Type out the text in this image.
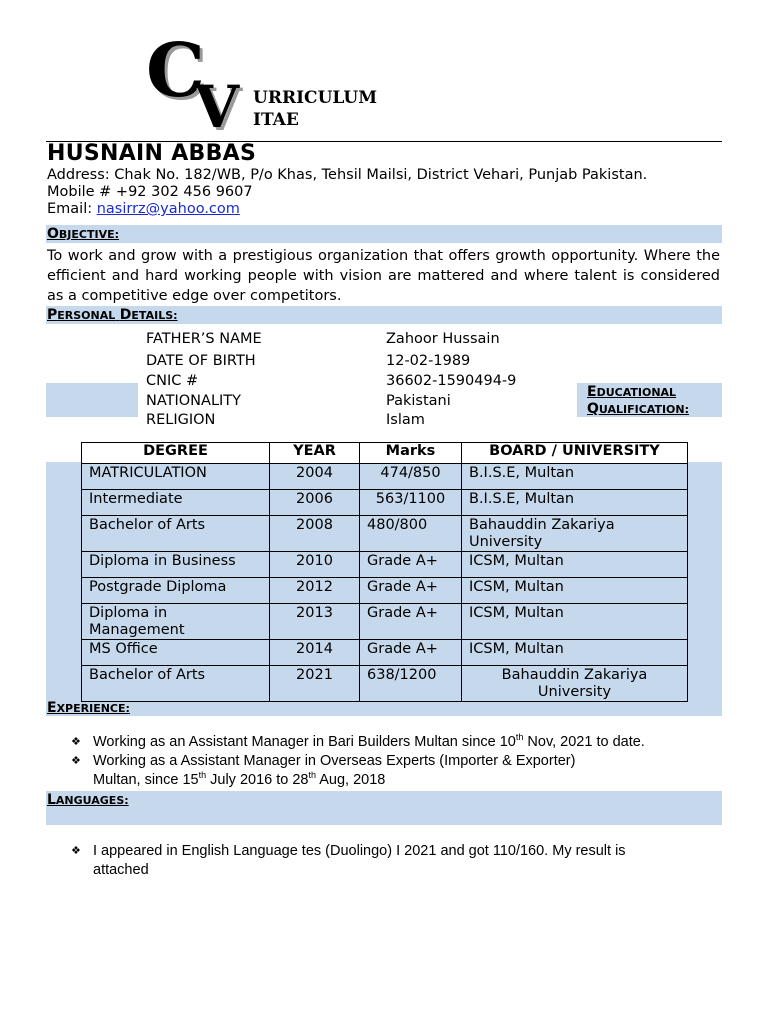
C
V URRICULUM
ITAE
HUSNAIN ABBAS
Address: Chak No. 182/WB, P/o Khas, Tehsil Mailsi, District Vehari, Punjab Pakistan.
Mobile # +92 302 456 9607
Email: nasirrz@yahoo.com
OBJECTIVE:
To work and grow with a prestigious organization that offers growth opportunity. Where the efficient and hard working people with vision are mattered and where talent is considered as a competitive edge over competitors.
PERSONAL DETAILS:
FATHER’S NAME	Zahoor Hussain
DATE OF BIRTH	12-02-1989
CNIC #	36602-1590494-9
NATIONALITY	Pakistani
RELIGION	Islam
EDUCATIONAL
QUALIFICATION:
DEGREE	YEAR	Marks	BOARD / UNIVERSITY
MATRICULATION	2004	474/850	B.I.S.E, Multan
Intermediate	2006	563/1100	B.I.S.E, Multan
Bachelor of Arts	2008	480/800	Bahauddin Zakariya University
Diploma in Business	2010	Grade A+	ICSM, Multan
Postgrade Diploma	2012	Grade A+	ICSM, Multan
Diploma in Management	2013	Grade A+	ICSM, Multan
MS Office	2014	Grade A+	ICSM, Multan
Bachelor of Arts	2021	638/1200	Bahauddin Zakariya University
EXPERIENCE:
❖ Working as an Assistant Manager in Bari Builders Multan since 10th Nov, 2021 to date.
❖ Working as a Assistant Manager in Overseas Experts (Importer & Exporter)
Multan, since 15th July 2016 to 28th Aug, 2018
LANGUAGES:
❖ I appeared in English Language tes (Duolingo) I 2021 and got 110/160. My result is
attached
